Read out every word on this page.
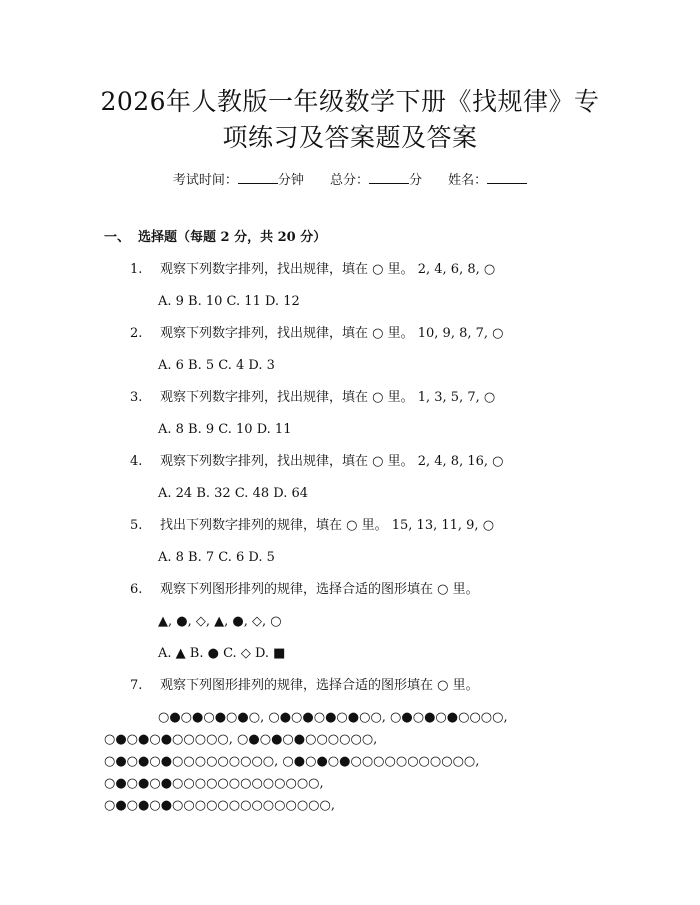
2026年人教版一年级数学下册《找规律》专
项练习及答案题及答案
考试时间：	分钟 总分：	分 姓名：
一、 选择题（每题 2 分，共 20 分）
1. 观察下列数字排列，找出规律，填在 ○ 里。 2, 4, 6, 8, ○
A. 9 B. 10 C. 11 D. 12
2. 观察下列数字排列，找出规律，填在 ○ 里。 10, 9, 8, 7, ○
A. 6 B. 5 C. 4 D. 3
3. 观察下列数字排列，找出规律，填在 ○ 里。 1, 3, 5, 7, ○
A. 8 B. 9 C. 10 D. 11
4. 观察下列数字排列，找出规律，填在 ○ 里。 2, 4, 8, 16, ○
A. 24 B. 32 C. 48 D. 64
5. 找出下列数字排列的规律，填在 ○ 里。 15, 13, 11, 9, ○
A. 8 B. 7 C. 6 D. 5
6. 观察下列图形排列的规律，选择合适的图形填在 ○ 里。
▲, ●, ◇, ▲, ●, ◇, ○
A. ▲ B. ● C. ◇ D. ■
7. 观察下列图形排列的规律，选择合适的图形填在 ○ 里。
○●○●○●○●○, ○●○●○●○●○○, ○●○●○●○○○○,
○●○●○●○○○○○, ○●○●○●○○○○○○,
○●○●○●○○○○○○○○○, ○●○●○●○○○○○○○○○○○,
○●○●○●○○○○○○○○○○○○○,
○●○●○●○○○○○○○○○○○○○○,
